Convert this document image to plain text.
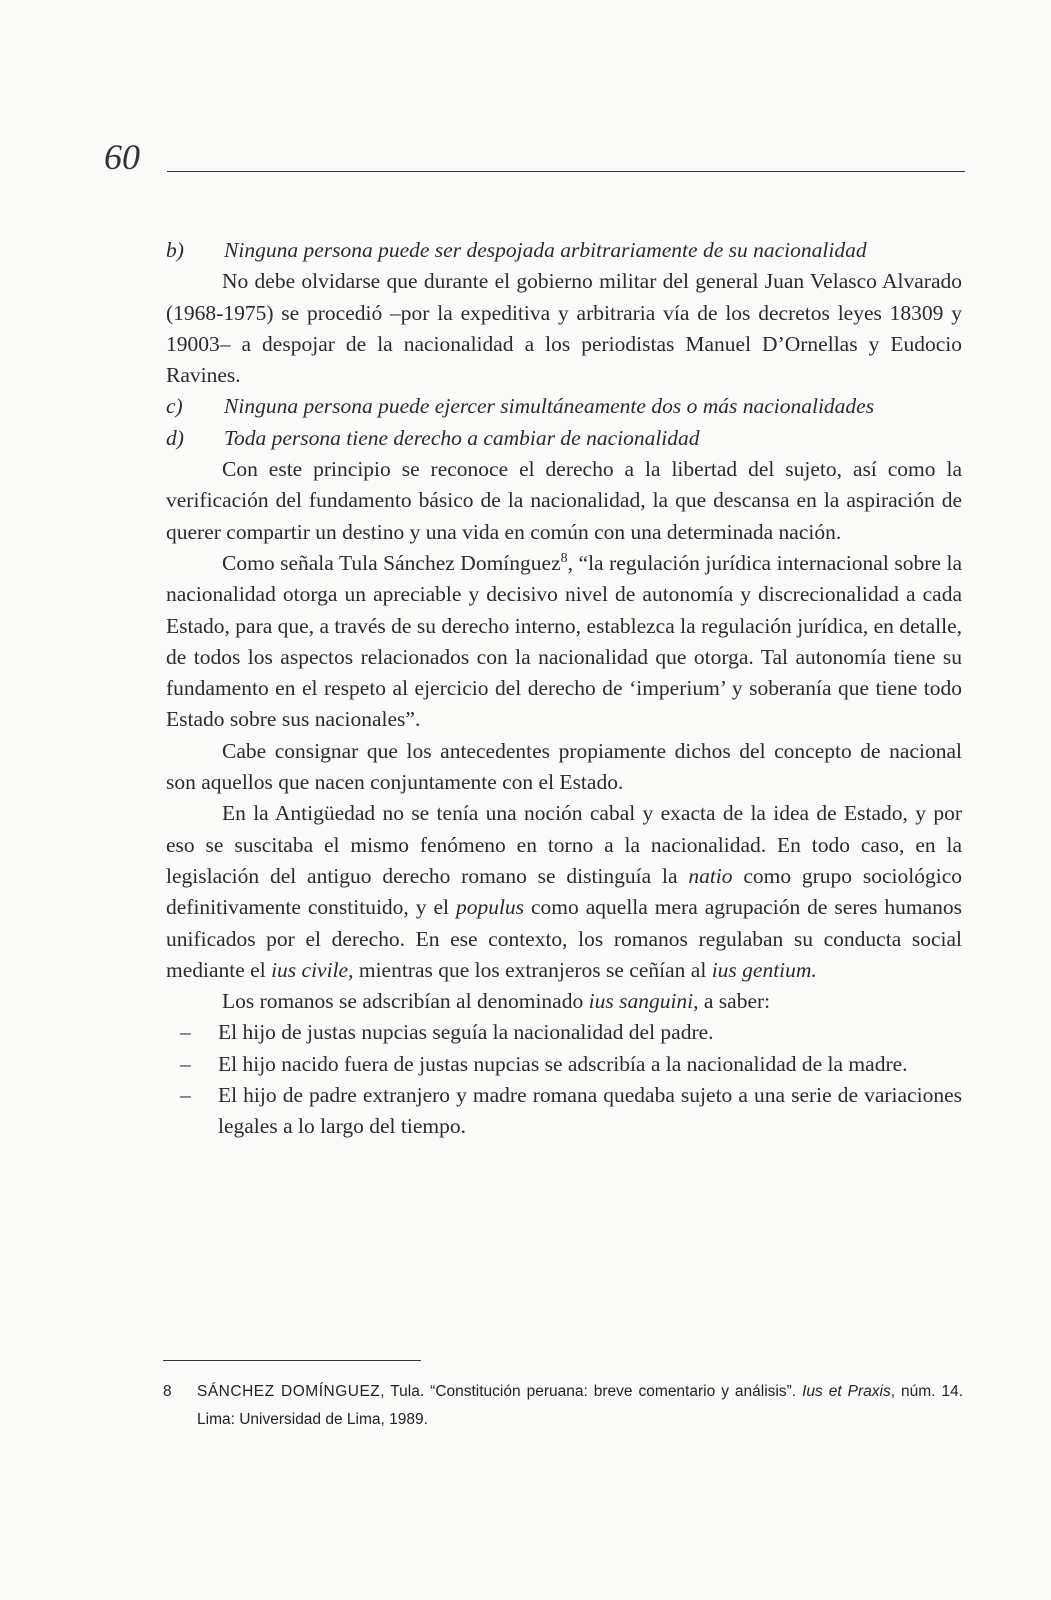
60
b)	Ninguna persona puede ser despojada arbitrariamente de su nacionalidad

No debe olvidarse que durante el gobierno militar del general Juan Velasco Alvarado (1968-1975) se procedió –por la expeditiva y arbitraria vía de los decretos leyes 18309 y 19003– a despojar de la nacionalidad a los periodistas Manuel D’Ornellas y Eudocio Ravines.

c)	Ninguna persona puede ejercer simultáneamente dos o más nacionalidades
d)	Toda persona tiene derecho a cambiar de nacionalidad

Con este principio se reconoce el derecho a la libertad del sujeto, así como la verificación del fundamento básico de la nacionalidad, la que descansa en la aspiración de querer compartir un destino y una vida en común con una determinada nación.

Como señala Tula Sánchez Domínguez$^8$, “la regulación jurídica internacional sobre la nacionalidad otorga un apreciable y decisivo nivel de autonomía y discrecionalidad a cada Estado, para que, a través de su derecho interno, establezca la regulación jurídica, en detalle, de todos los aspectos relacionados con la nacionalidad que otorga. Tal autonomía tiene su fundamento en el respeto al ejercicio del derecho de ‘imperium’ y soberanía que tiene todo Estado sobre sus nacionales”.

Cabe consignar que los antecedentes propiamente dichos del concepto de nacional son aquellos que nacen conjuntamente con el Estado.

En la Antigüedad no se tenía una noción cabal y exacta de la idea de Estado, y por eso se suscitaba el mismo fenómeno en torno a la nacionalidad. En todo caso, en la legislación del antiguo derecho romano se distinguía la natio como grupo sociológico definitivamente constituido, y el populus como aquella mera agrupación de seres humanos unificados por el derecho. En ese contexto, los romanos regulaban su conducta social mediante el ius civile, mientras que los extranjeros se ceñían al ius gentium.

Los romanos se adscribían al denominado ius sanguini, a saber:

–	El hijo de justas nupcias seguía la nacionalidad del padre.
–	El hijo nacido fuera de justas nupcias se adscribía a la nacionalidad de la madre.
–	El hijo de padre extranjero y madre romana quedaba sujeto a una serie de variaciones legales a lo largo del tiempo.
8	SÁNCHEZ DOMÍNGUEZ, Tula. “Constitución peruana: breve comentario y análisis”. Ius et Praxis, núm. 14. Lima: Universidad de Lima, 1989.
